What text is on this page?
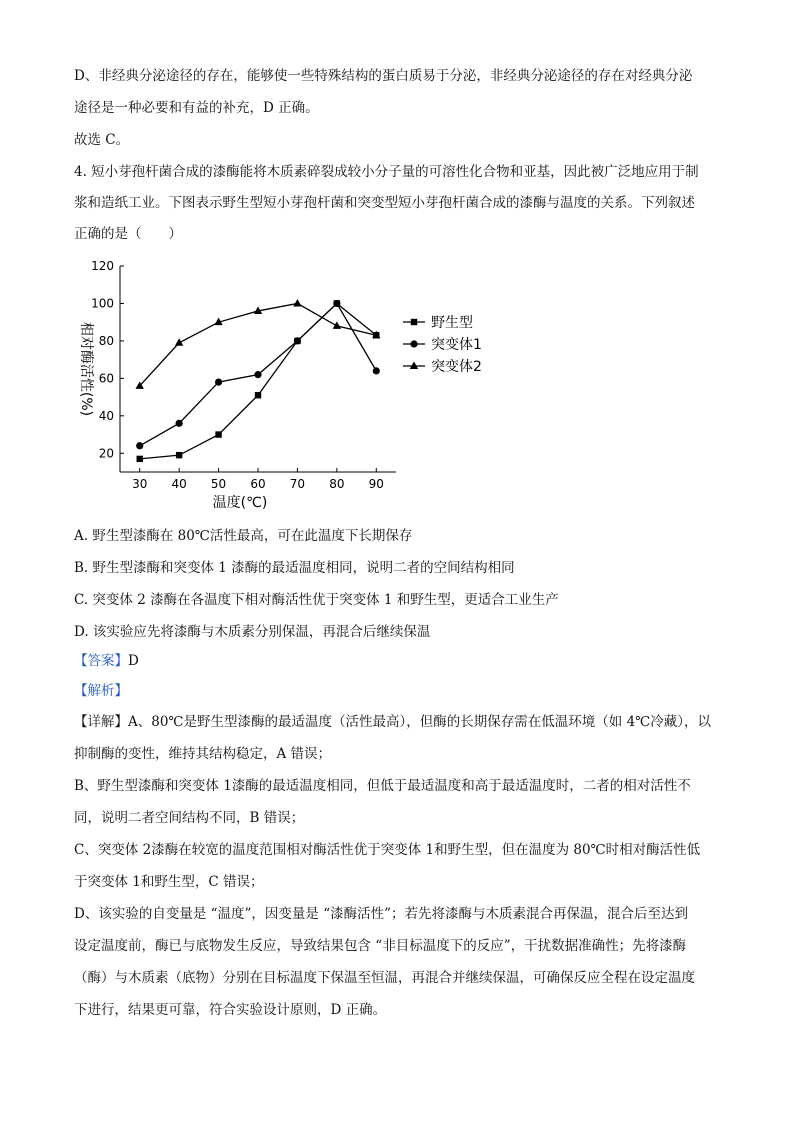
D、非经典分泌途径的存在，能够使一些特殊结构的蛋白质易于分泌，非经典分泌途径的存在对经典分泌
途径是一种必要和有益的补充，D 正确。
故选 C。
4. 短小芽孢杆菌合成的漆酶能将木质素碎裂成较小分子量的可溶性化合物和亚基，因此被广泛地应用于制
浆和造纸工业。下图表示野生型短小芽孢杆菌和突变型短小芽孢杆菌合成的漆酶与温度的关系。下列叙述
正确的是（　　）
20
40
60
80
100
120
30 40 50 60 70 80 90
温度(℃)
相对酶活性(%)	野生型
突变体1
突变体2
A. 野生型漆酶在 80℃活性最高，可在此温度下长期保存
B. 野生型漆酶和突变体 1 漆酶的最适温度相同，说明二者的空间结构相同
C. 突变体 2 漆酶在各温度下相对酶活性优于突变体 1 和野生型，更适合工业生产
D. 该实验应先将漆酶与木质素分别保温，再混合后继续保温
【答案】D
【解析】
【详解】A、80℃是野生型漆酶的最适温度（活性最高），但酶的长期保存需在低温环境（如 4℃冷藏），以
抑制酶的变性，维持其结构稳定，A 错误；
B、野生型漆酶和突变体 1漆酶的最适温度相同，但低于最适温度和高于最适温度时，二者的相对活性不
同，说明二者空间结构不同，B 错误；
C、突变体 2漆酶在较宽的温度范围相对酶活性优于突变体 1和野生型，但在温度为 80℃时相对酶活性低
于突变体 1和野生型，C 错误；
D、该实验的自变量是 “温度”，因变量是 “漆酶活性”；若先将漆酶与木质素混合再保温，混合后至达到
设定温度前，酶已与底物发生反应，导致结果包含 “非目标温度下的反应”，干扰数据准确性；先将漆酶
（酶）与木质素（底物）分别在目标温度下保温至恒温，再混合并继续保温，可确保反应全程在设定温度
下进行，结果更可靠，符合实验设计原则，D 正确。
